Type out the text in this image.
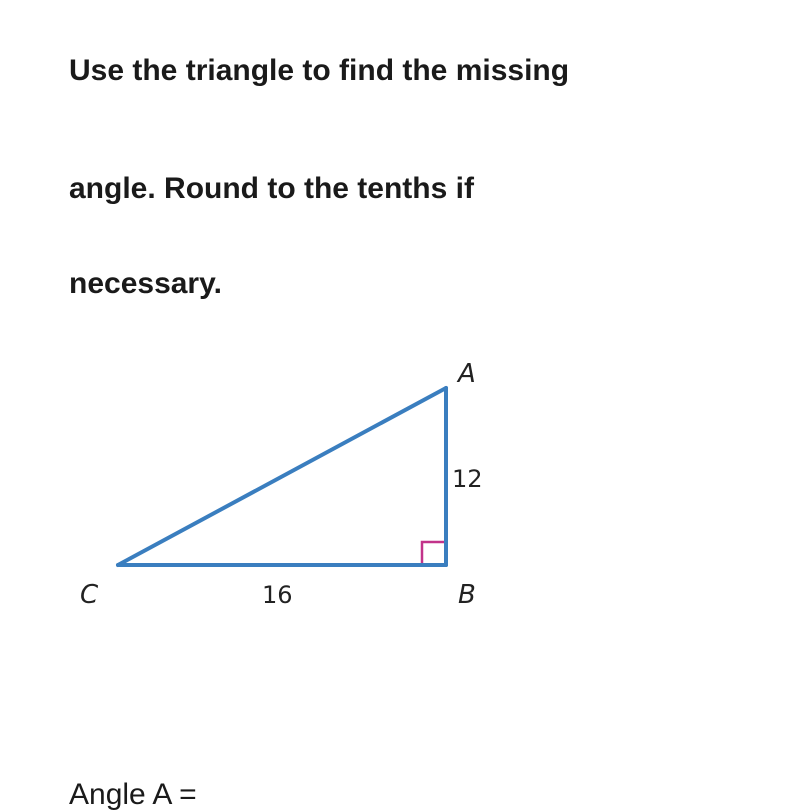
Use the triangle to find the missing
angle. Round to the tenths if
necessary.
A
B
C
12
16
Angle A =
